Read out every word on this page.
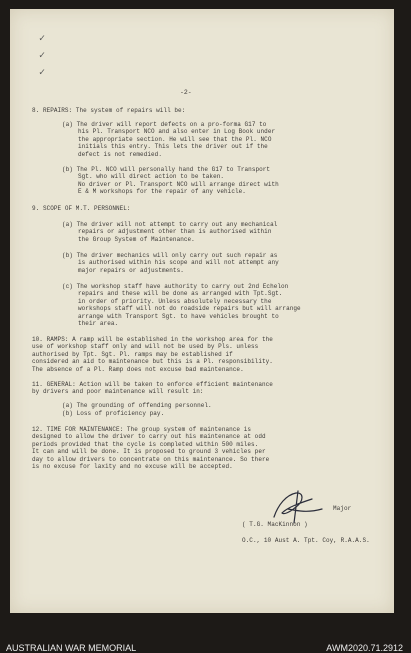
✓
✓
✓
-2-
8. REPAIRS: The system of repairs will be:
(a) The driver will report defects on a pro-forma G17 to
his Pl. Transport NCO and also enter in Log Book under
the appropriate section. He will see that the Pl. NCO
initials this entry. This lets the driver out if the
defect is not remedied.
(b) The Pl. NCO will personally hand the G17 to Transport
Sgt. who will direct action to be taken.
No driver or Pl. Transport NCO will arrange direct with
E & M workshops for the repair of any vehicle.
9. SCOPE OF M.T. PERSONNEL:
(a) The driver will not attempt to carry out any mechanical
repairs or adjustment other than is authorised within
the Group System of Maintenance.
(b) The driver mechanics will only carry out such repair as
is authorised within his scope and will not attempt any
major repairs or adjustments.
(c) The workshop staff have authority to carry out 2nd Echelon
repairs and these will be done as arranged with Tpt.Sgt.
in order of priority. Unless absolutely necessary the
workshops staff will not do roadside repairs but will arrange
arrange with Transport Sgt. to have vehicles brought to
their area.
10. RAMPS: A ramp will be established in the workshop area for the
use of workshop staff only and will not be used by Pls. unless
authorised by Tpt. Sgt. Pl. ramps may be established if
considered an aid to maintenance but this is a Pl. responsibility.
The absence of a Pl. Ramp does not excuse bad maintenance.
11. GENERAL: Action will be taken to enforce efficient maintenance
by drivers and poor maintenance will result in:
(a) The grounding of offending personnel.
(b) Loss of proficiency pay.
12. TIME FOR MAINTENANCE: The group system of maintenance is
designed to allow the driver to carry out his maintenance at odd
periods provided that the cycle is completed within 500 miles.
It can and will be done. It is proposed to ground 3 vehicles per
day to allow drivers to concentrate on this maintenance. So there
is no excuse for laxity and no excuse will be accepted.
Major
( T.G. MacKinnon )
O.C., 10 Aust A. Tpt. Coy, R.A.A.S.
AUSTRALIAN WAR MEMORIAL	AWM2020.71.2912
